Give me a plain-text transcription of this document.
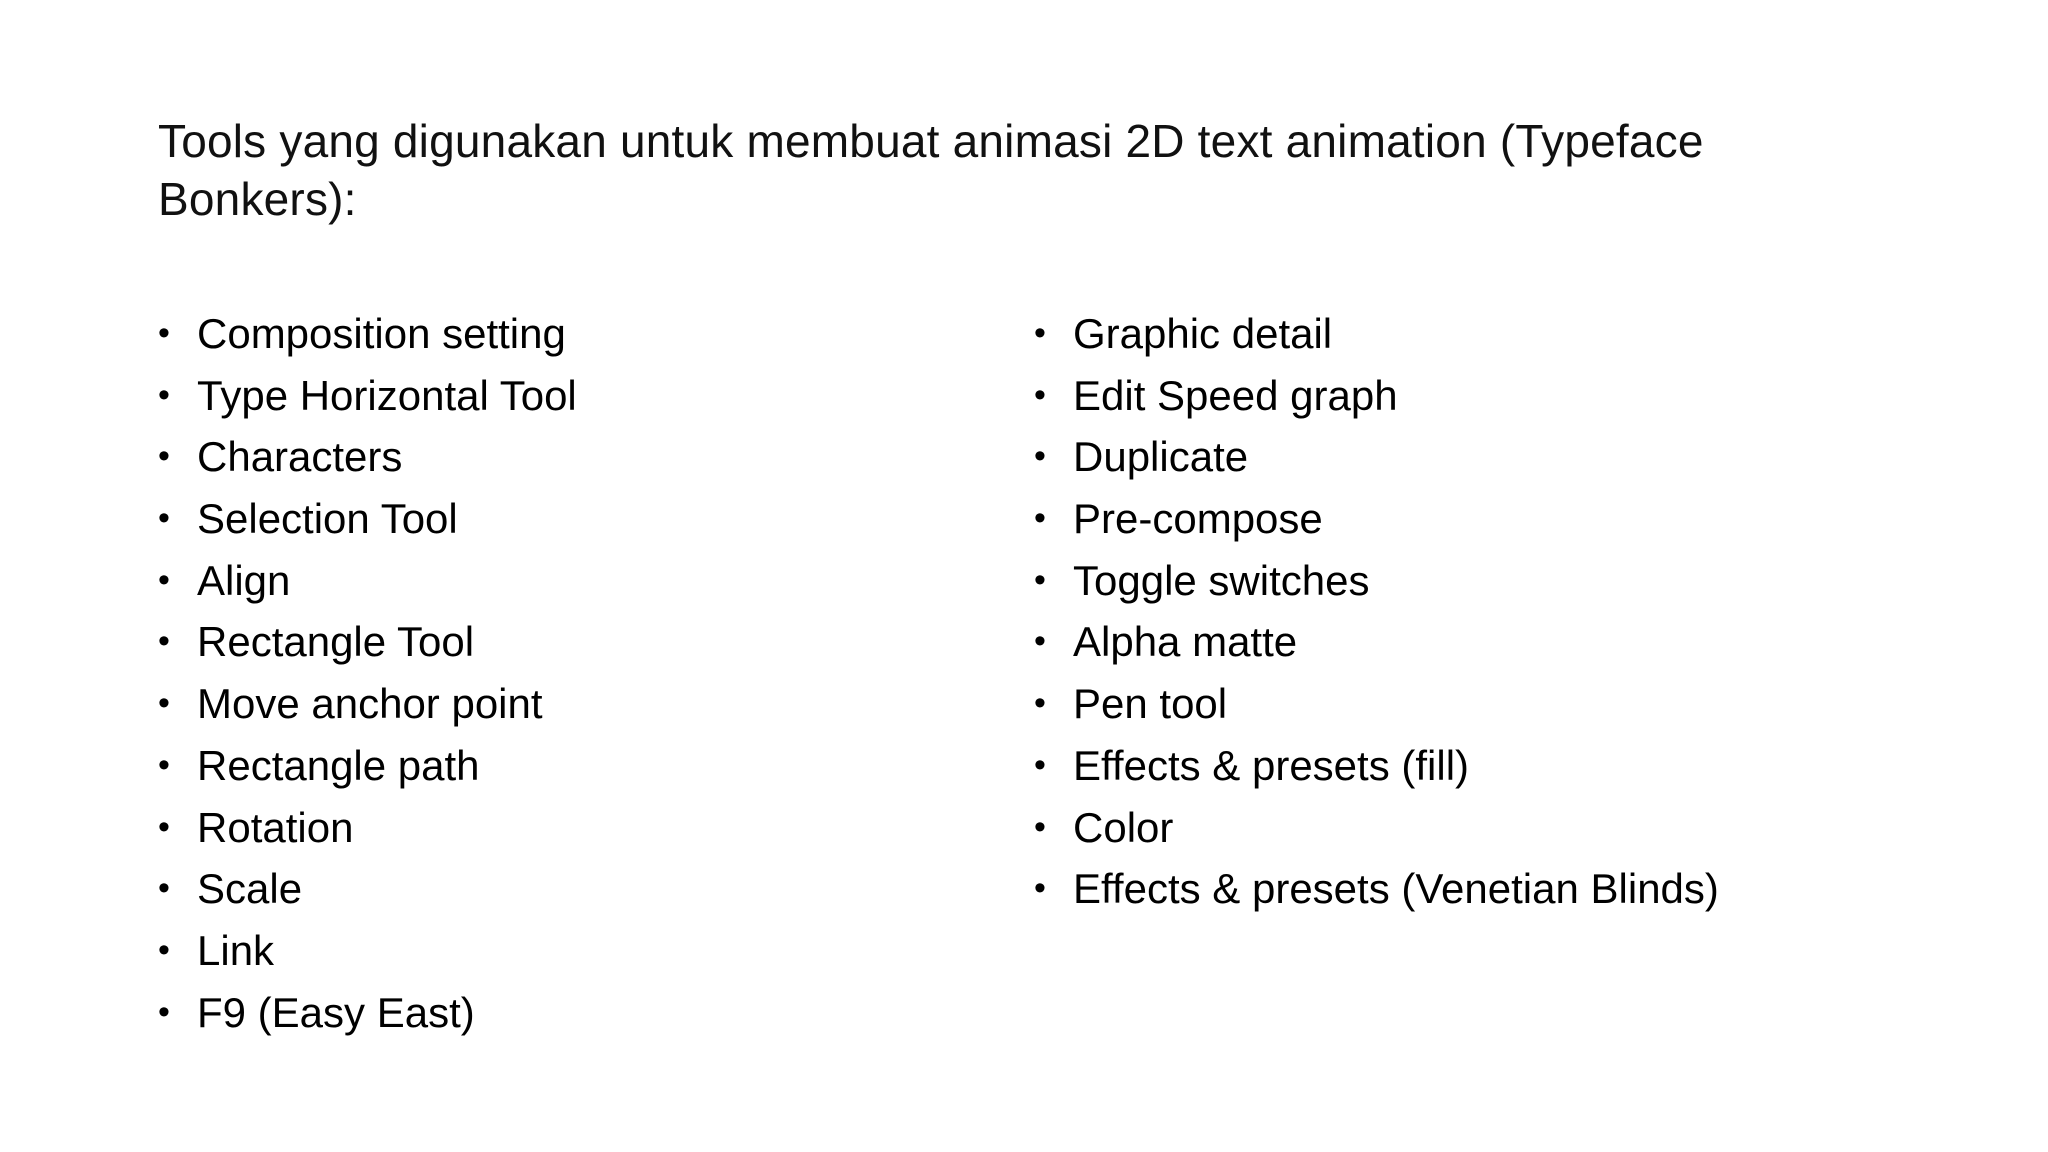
Tools yang digunakan untuk membuat animasi 2D text animation (Typeface Bonkers):
• Composition setting
• Type Horizontal Tool
• Characters
• Selection Tool
• Align
• Rectangle Tool
• Move anchor point
• Rectangle path
• Rotation
• Scale
• Link
• F9 (Easy East)
• Graphic detail
• Edit Speed graph
• Duplicate
• Pre-compose
• Toggle switches
• Alpha matte
• Pen tool
• Effects & presets (fill)
• Color
• Effects & presets (Venetian Blinds)
